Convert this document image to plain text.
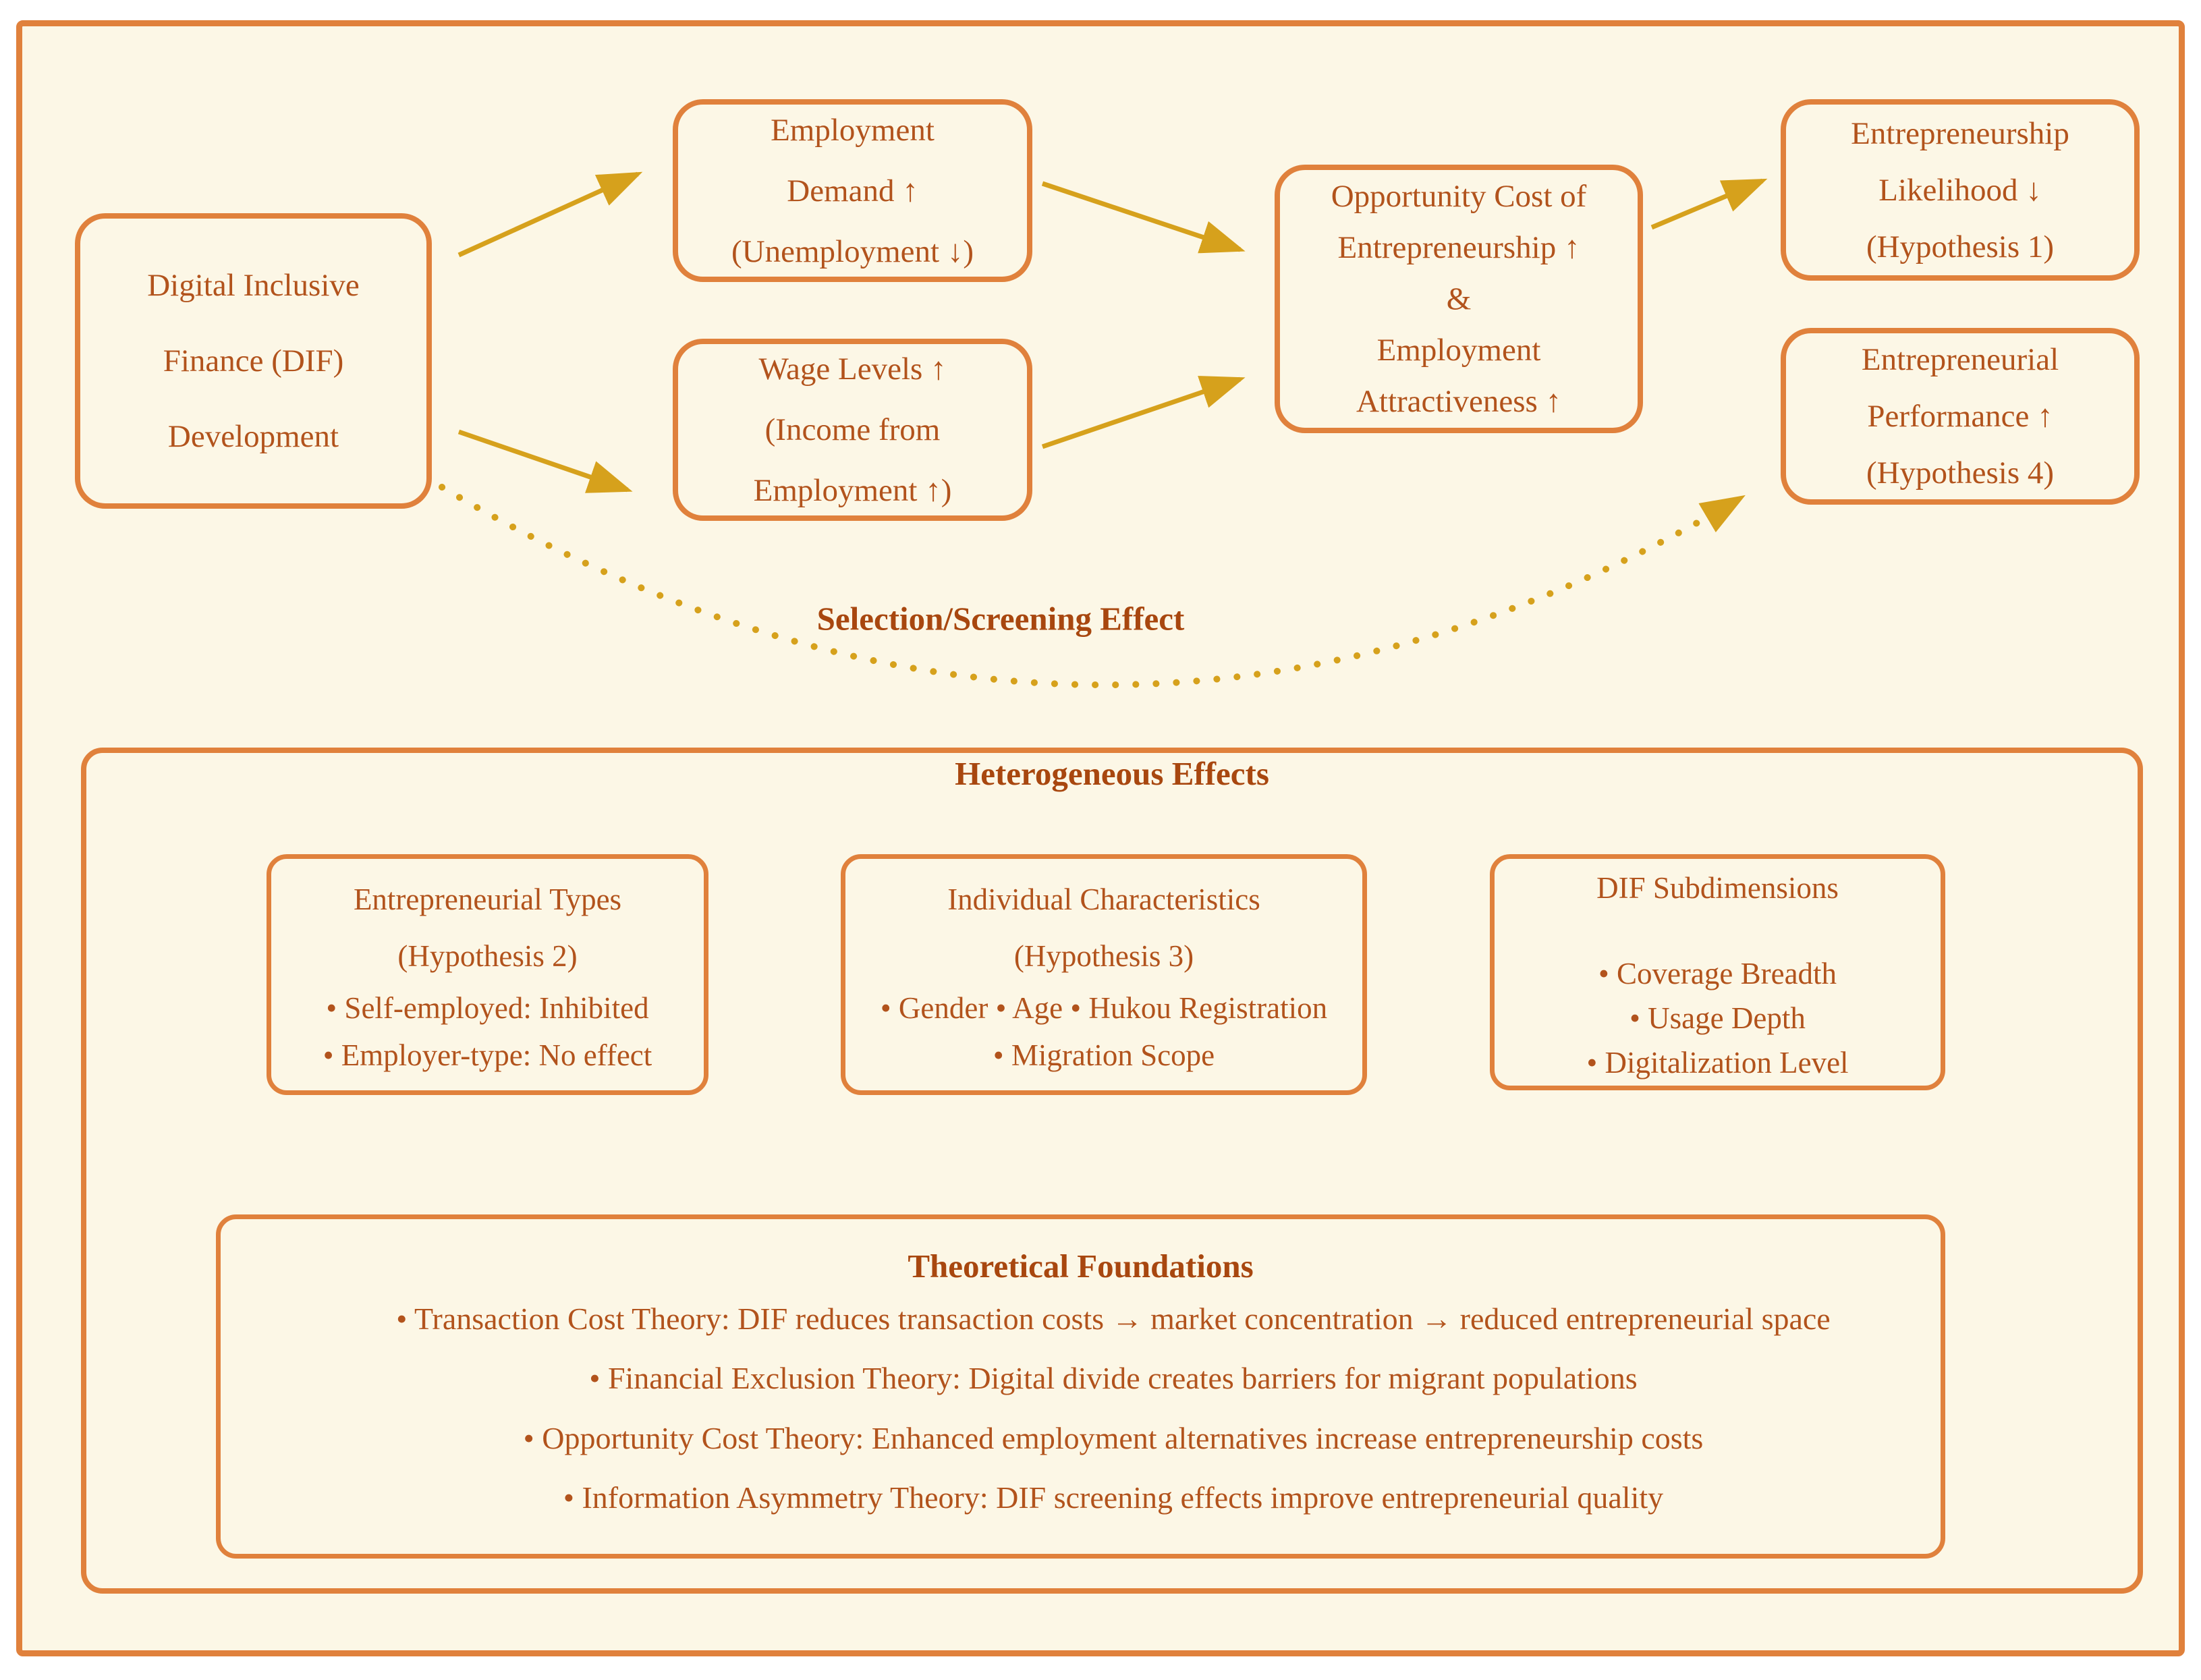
Digital Inclusive
Finance (DIF)
Development
Employment
Demand ↑
(Unemployment ↓)
Wage Levels ↑
(Income from
Employment ↑)
Opportunity Cost of
Entrepreneurship ↑
&
Employment
Attractiveness ↑
Entrepreneurship
Likelihood ↓
(Hypothesis 1)
Entrepreneurial
Performance ↑
(Hypothesis 4)
Selection/Screening Effect
Heterogeneous Effects
Entrepreneurial Types
(Hypothesis 2)
• Self-employed: Inhibited
• Employer-type: No effect
Individual Characteristics
(Hypothesis 3)
• Gender • Age • Hukou Registration
• Migration Scope
DIF Subdimensions
• Coverage Breadth
• Usage Depth
• Digitalization Level
Theoretical Foundations
• Transaction Cost Theory: DIF reduces transaction costs → market concentration → reduced entrepreneurial space
• Financial Exclusion Theory: Digital divide creates barriers for migrant populations
• Opportunity Cost Theory: Enhanced employment alternatives increase entrepreneurship costs
• Information Asymmetry Theory: DIF screening effects improve entrepreneurial quality
